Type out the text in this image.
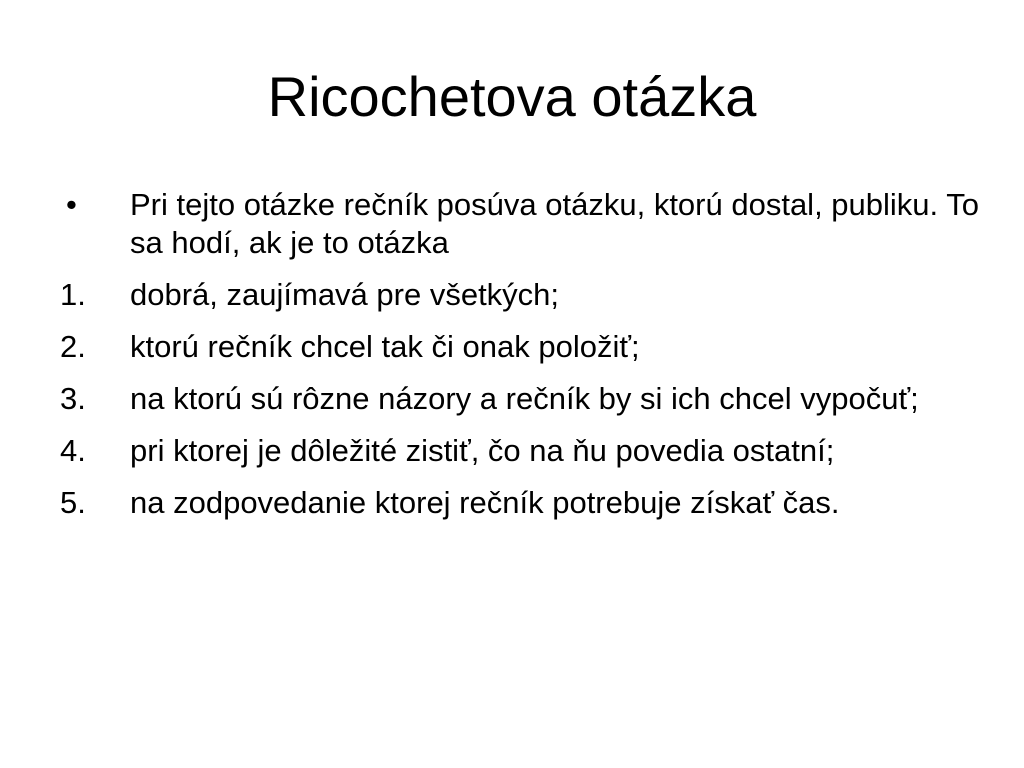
Ricochetova otázka
•	Pri tejto otázke rečník posúva otázku, ktorú dostal, publiku. To sa hodí, ak je to otázka
1.	dobrá, zaujímavá pre všetkých;
2.	ktorú rečník chcel tak či onak položiť;
3.	na ktorú sú rôzne názory a rečník by si ich chcel vypočuť;
4.	pri ktorej je dôležité zistiť, čo na ňu povedia ostatní;
5.	na zodpovedanie ktorej rečník potrebuje získať čas.
